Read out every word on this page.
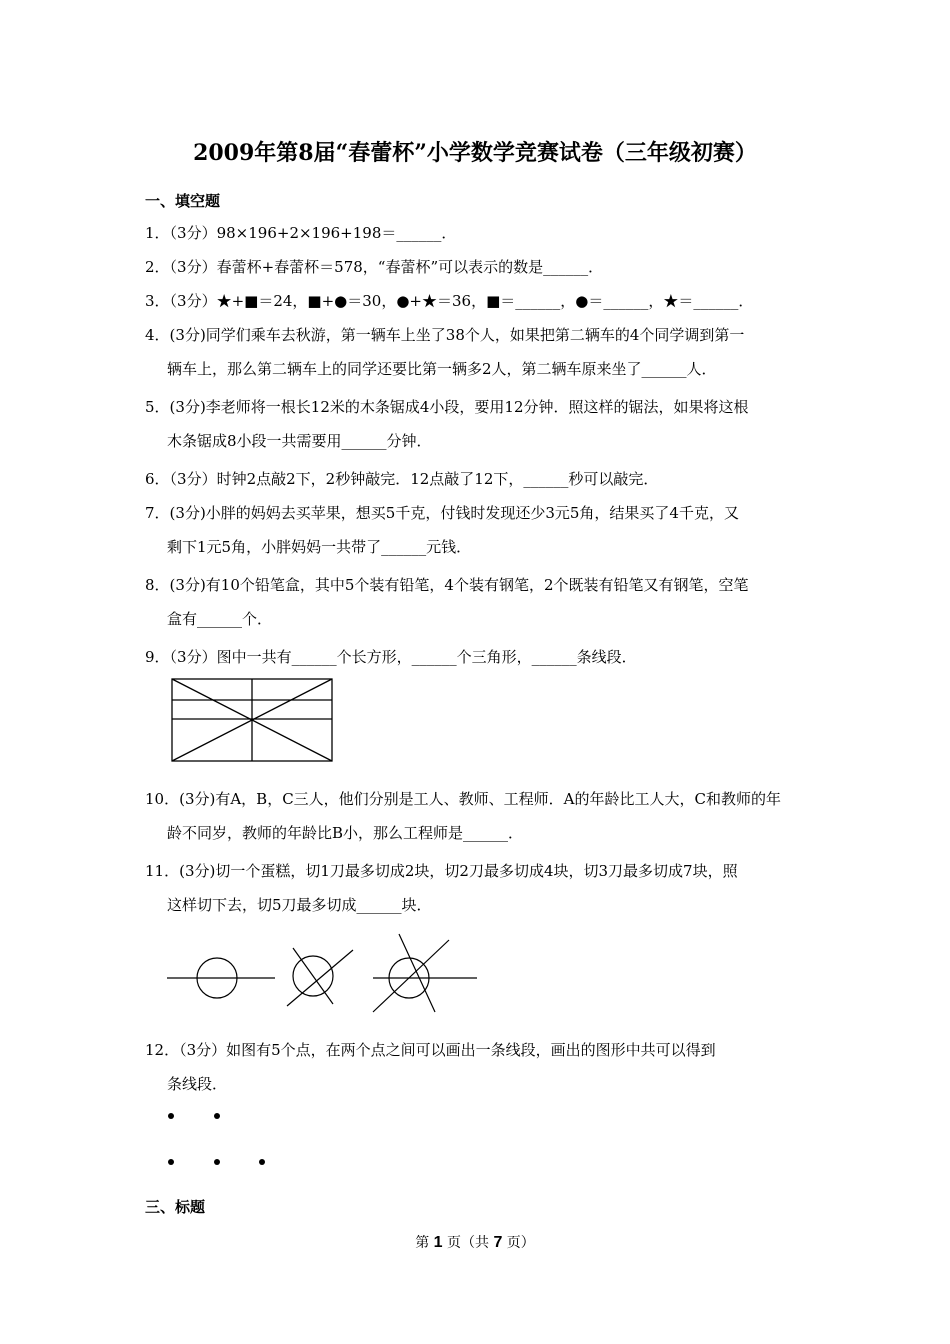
2009年第8届“春蕾杯”小学数学竞赛试卷（三年级初赛）
一、填空题
1．（3分）98×196+2×196+198＝______．
2．（3分）春蕾杯+春蕾杯＝578，“春蕾杯”可以表示的数是______．
3．（3分）★+■＝24，■+●＝30，●+★＝36，■＝______，●＝______，★＝______．
4．(3分)同学们乘车去秋游，第一辆车上坐了38个人，如果把第二辆车的4个同学调到第一
辆车上，那么第二辆车上的同学还要比第一辆多2人，第二辆车原来坐了______人．
5．(3分)李老师将一根长12米的木条锯成4小段，要用12分钟．照这样的锯法，如果将这根
木条锯成8小段一共需要用______分钟．
6．（3分）时钟2点敲2下，2秒钟敲完．12点敲了12下，______秒可以敲完．
7．(3分)小胖的妈妈去买苹果，想买5千克，付钱时发现还少3元5角，结果买了4千克，又
剩下1元5角，小胖妈妈一共带了______元钱．
8．(3分)有10个铅笔盒，其中5个装有铅笔，4个装有钢笔，2个既装有铅笔又有钢笔，空笔
盒有______个．
9．（3分）图中一共有______个长方形，______个三角形，______条线段．
10．(3分)有A，B，C三人，他们分别是工人、教师、工程师．A的年龄比工人大，C和教师的年
龄不同岁，教师的年龄比B小，那么工程师是______．
11．(3分)切一个蛋糕，切1刀最多切成2块，切2刀最多切成4块，切3刀最多切成7块，照
这样切下去，切5刀最多切成______块．
12．（3分）如图有5个点，在两个点之间可以画出一条线段，画出的图形中共可以得到
条线段．
三、标题
第 1 页（共 7 页）
